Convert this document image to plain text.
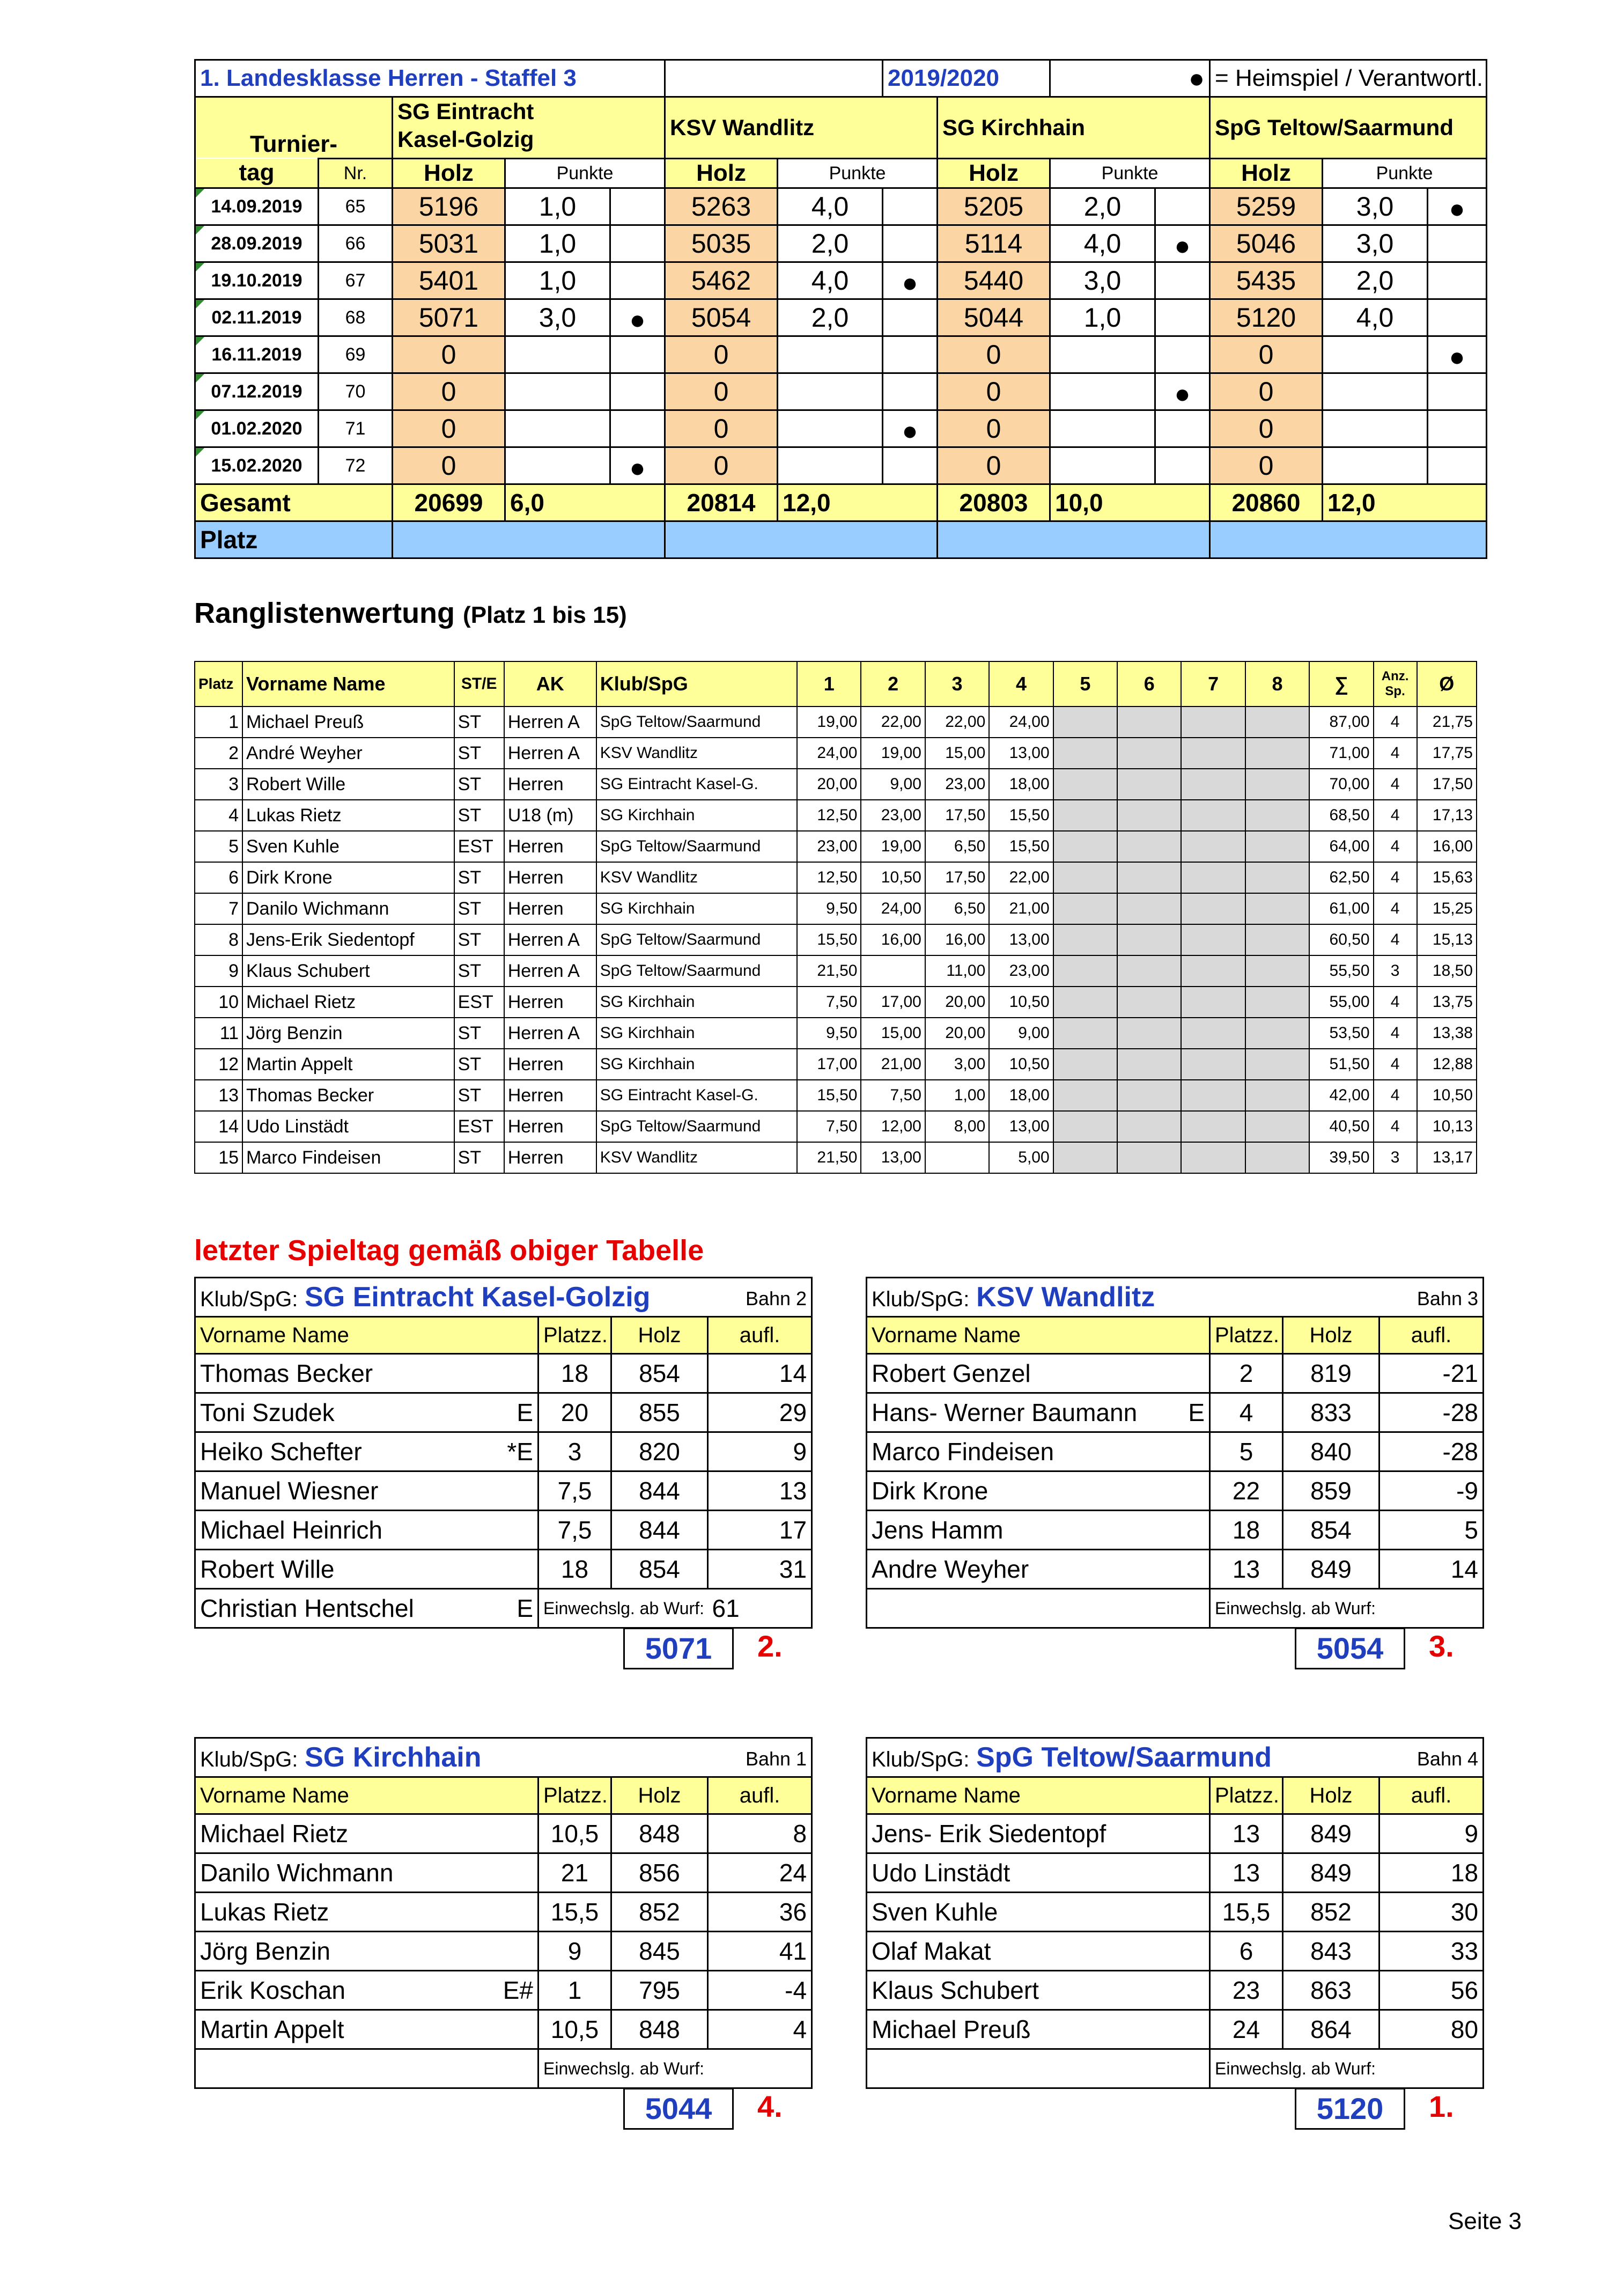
1. Landesklasse Herren - Staffel 3							2019/2020		●		= Heimspiel / Verantwortl.		
Turnier-		SG Eintracht
Kasel-Golzig			KSV Wandlitz			SG Kirchhain			SpG Teltow/Saarmund		
tag	Nr.	Holz	Punkte		Holz	Punkte		Holz	Punkte		Holz	Punkte	
14.09.2019	65	5196	1,0		5263	4,0		5205	2,0		5259	3,0	●
28.09.2019	66	5031	1,0		5035	2,0		5114	4,0	●	5046	3,0	
19.10.2019	67	5401	1,0		5462	4,0	●	5440	3,0		5435	2,0	
02.11.2019	68	5071	3,0	●	5054	2,0		5044	1,0		5120	4,0	
16.11.2019	69	0			0			0			0		●
07.12.2019	70	0			0			0		●	0		
01.02.2020	71	0			0		●	0			0		
15.02.2020	72	0		●	0			0			0		
Gesamt		20699	6,0		20814	12,0		20803	10,0		20860	12,0	
Platz													
Ranglistenwertung (Platz 1 bis 15)
Platz	Vorname Name	ST/E	AK	Klub/SpG	1	2	3	4	5	6	7	8	∑	Anz. Sp.	Ø
1	Michael Preuß	ST	Herren A	SpG Teltow/Saarmund	19,00	22,00	22,00	24,00					87,00	4	21,75
2	André Weyher	ST	Herren A	KSV Wandlitz	24,00	19,00	15,00	13,00					71,00	4	17,75
3	Robert Wille	ST	Herren	SG Eintracht Kasel-G.	20,00	9,00	23,00	18,00					70,00	4	17,50
4	Lukas Rietz	ST	U18 (m)	SG Kirchhain	12,50	23,00	17,50	15,50					68,50	4	17,13
5	Sven Kuhle	EST	Herren	SpG Teltow/Saarmund	23,00	19,00	6,50	15,50					64,00	4	16,00
6	Dirk Krone	ST	Herren	KSV Wandlitz	12,50	10,50	17,50	22,00					62,50	4	15,63
7	Danilo Wichmann	ST	Herren	SG Kirchhain	9,50	24,00	6,50	21,00					61,00	4	15,25
8	Jens-Erik Siedentopf	ST	Herren A	SpG Teltow/Saarmund	15,50	16,00	16,00	13,00					60,50	4	15,13
9	Klaus Schubert	ST	Herren A	SpG Teltow/Saarmund	21,50		11,00	23,00					55,50	3	18,50
10	Michael Rietz	EST	Herren	SG Kirchhain	7,50	17,00	20,00	10,50					55,00	4	13,75
11	Jörg Benzin	ST	Herren A	SG Kirchhain	9,50	15,00	20,00	9,00					53,50	4	13,38
12	Martin Appelt	ST	Herren	SG Kirchhain	17,00	21,00	3,00	10,50					51,50	4	12,88
13	Thomas Becker	ST	Herren	SG Eintracht Kasel-G.	15,50	7,50	1,00	18,00					42,00	4	10,50
14	Udo Linstädt	EST	Herren	SpG Teltow/Saarmund	7,50	12,00	8,00	13,00					40,50	4	10,13
15	Marco Findeisen	ST	Herren	KSV Wandlitz	21,50	13,00		5,00					39,50	3	13,17
letzter Spieltag gemäß obiger Tabelle
Klub/SpG: SG Eintracht Kasel-Golzig Bahn 2				

Vorname Name		Platzz.	Holz	aufl.
Thomas Becker		18	854	14
Toni Szudek	E	20	855	29
Heiko Schefter	*E	3	820	9
Manuel Wiesner		7,5	844	13
Michael Heinrich		7,5	844	17
Robert Wille		18	854	31
Christian Hentschel	E	Einwechslg. ab Wurf:		61
5071	2.
Klub/SpG: KSV Wandlitz Bahn 3				

Vorname Name		Platzz.	Holz	aufl.
Robert Genzel		2	819	-21
Hans- Werner Baumann	E	4	833	-28
Marco Findeisen		5	840	-28
Dirk Krone		22	859	-9
Jens Hamm		18	854	5
Andre Weyher		13	849	14
		Einwechslg. ab Wurf:		
5054	3.
Klub/SpG: SG Kirchhain Bahn 1				

Vorname Name		Platzz.	Holz	aufl.
Michael Rietz		10,5	848	8
Danilo Wichmann		21	856	24
Lukas Rietz		15,5	852	36
Jörg Benzin		9	845	41
Erik Koschan	E#	1	795	-4
Martin Appelt		10,5	848	4
		Einwechslg. ab Wurf:		
5044	4.
Klub/SpG: SpG Teltow/Saarmund Bahn 4				

Vorname Name		Platzz.	Holz	aufl.
Jens- Erik Siedentopf		13	849	9
Udo Linstädt		13	849	18
Sven Kuhle		15,5	852	30
Olaf Makat		6	843	33
Klaus Schubert		23	863	56
Michael Preuß		24	864	80
		Einwechslg. ab Wurf:		
5120	1.
Seite 3
